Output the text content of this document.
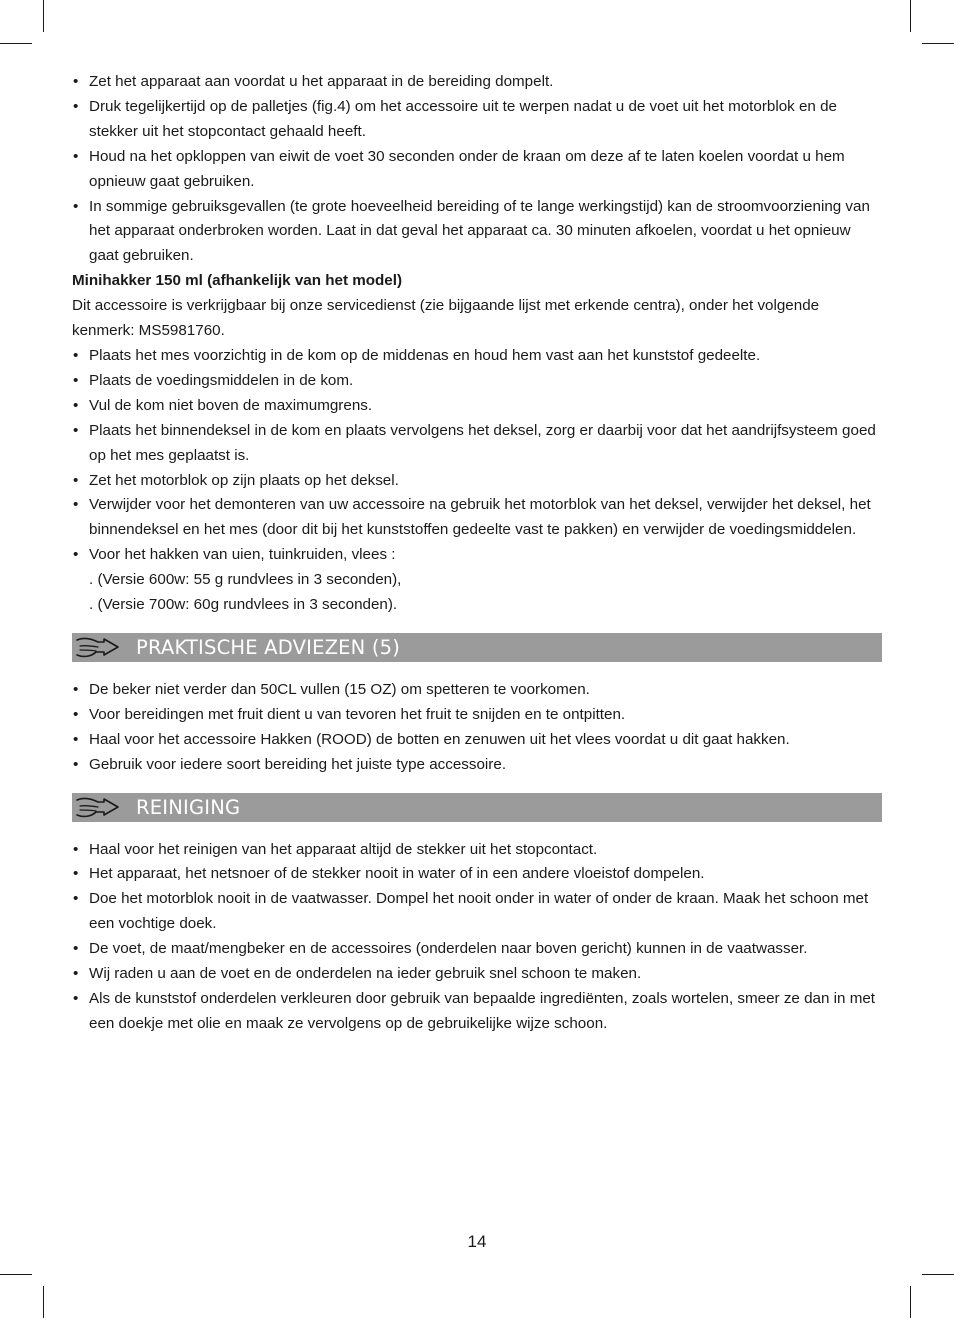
• Zet het apparaat aan voordat u het apparaat in de bereiding dompelt.
• Druk tegelijkertijd op de palletjes (fig.4) om het accessoire uit te werpen nadat u de voet uit het motorblok en de stekker uit het stopcontact gehaald heeft.
• Houd na het opkloppen van eiwit de voet 30 seconden onder de kraan om deze af te laten koelen voordat u hem opnieuw gaat gebruiken.
• In sommige gebruiksgevallen (te grote hoeveelheid bereiding of te lange werkingstijd) kan de stroomvoorziening van het apparaat onderbroken worden. Laat in dat geval het apparaat ca. 30 minuten afkoelen, voordat u het opnieuw gaat gebruiken.

Minihakker 150 ml (afhankelijk van het model)

Dit accessoire is verkrijgbaar bij onze servicedienst (zie bijgaande lijst met erkende centra), onder het volgende kenmerk: MS5981760.

• Plaats het mes voorzichtig in de kom op de middenas en houd hem vast aan het kunststof gedeelte.
• Plaats de voedingsmiddelen in de kom.
• Vul de kom niet boven de maximumgrens.
• Plaats het binnendeksel in de kom en plaats vervolgens het deksel, zorg er daarbij voor dat het aandrijfsysteem goed op het mes geplaatst is.
• Zet het motorblok op zijn plaats op het deksel.
• Verwijder voor het demonteren van uw accessoire na gebruik het motorblok van het deksel, verwijder het deksel, het binnendeksel en het mes (door dit bij het kunststoffen gedeelte vast te pakken) en verwijder de voedingsmiddelen.
• Voor het hakken van uien, tuinkruiden, vlees :

. (Versie 600w: 55 g rundvlees in 3 seconden),

. (Versie 700w: 60g rundvlees in 3 seconden).

PRAKTISCHE ADVIEZEN (5)
• De beker niet verder dan 50CL vullen (15 OZ) om spetteren te voorkomen.
• Voor bereidingen met fruit dient u van tevoren het fruit te snijden en te ontpitten.
• Haal voor het accessoire Hakken (ROOD) de botten en zenuwen uit het vlees voordat u dit gaat hakken.
• Gebruik voor iedere soort bereiding het juiste type accessoire.
REINIGING
• Haal voor het reinigen van het apparaat altijd de stekker uit het stopcontact.
• Het apparaat, het netsnoer of de stekker nooit in water of in een andere vloeistof dompelen.
• Doe het motorblok nooit in de vaatwasser. Dompel het nooit onder in water of onder de kraan. Maak het schoon met een vochtige doek.
• De voet, de maat/mengbeker en de accessoires (onderdelen naar boven gericht) kunnen in de vaatwasser.
• Wij raden u aan de voet en de onderdelen na ieder gebruik snel schoon te maken.
• Als de kunststof onderdelen verkleuren door gebruik van bepaalde ingrediënten, zoals wortelen, smeer ze dan in met een doekje met olie en maak ze vervolgens op de gebruikelijke wijze schoon.
14
